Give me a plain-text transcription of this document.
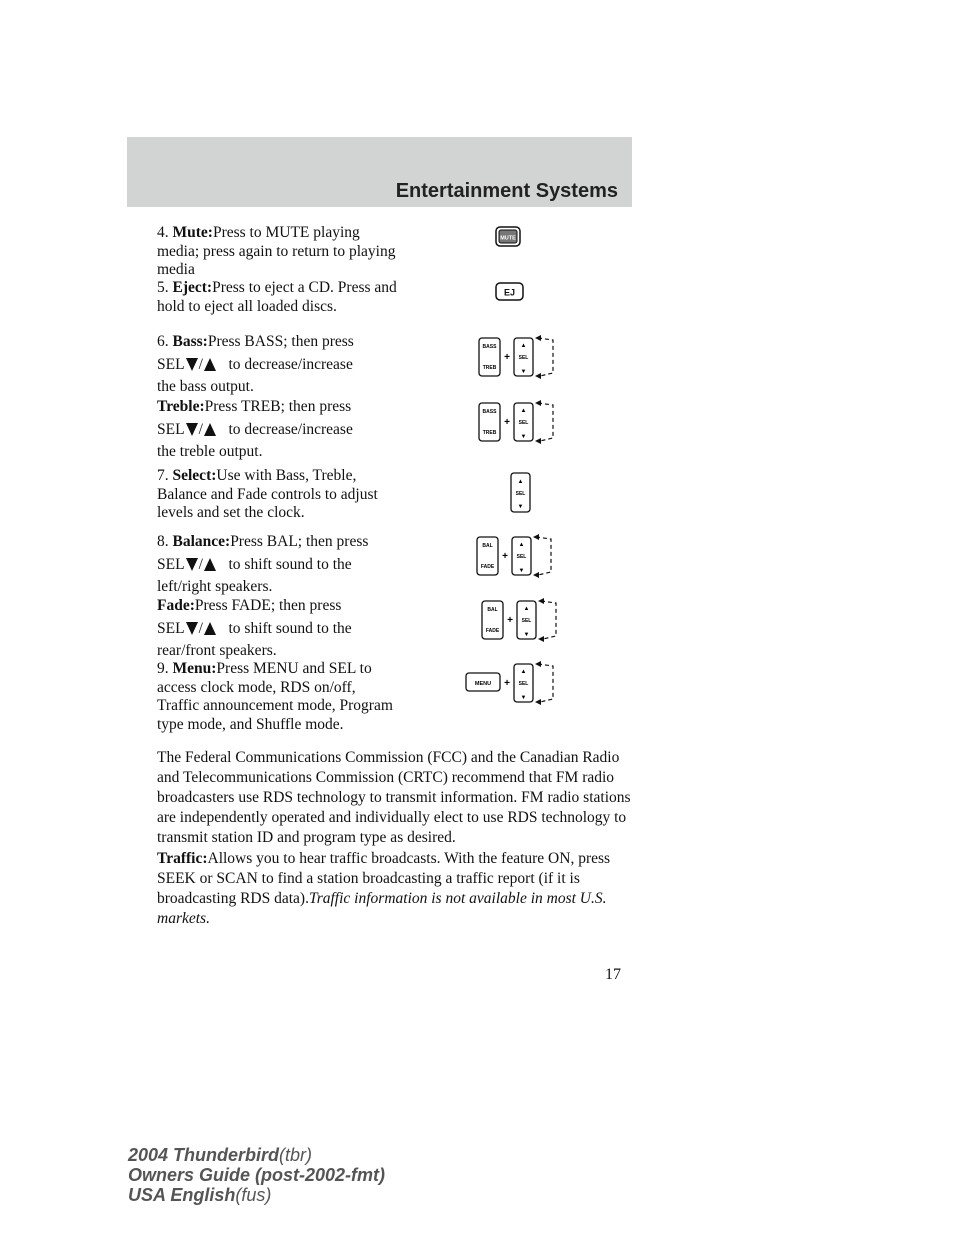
Entertainment Systems
4. Mute:Press to MUTE playing media; press again to return to playing media
MUTE
5. Eject:Press to eject a CD. Press and hold to eject all loaded discs.
EJ
6. Bass:Press BASS; then press
SEL / to decrease/increase
the bass output.
BASS
TREB
+
▲
SEL
▼
Treble:Press TREB; then press
SEL / to decrease/increase
the treble output.
BASS
TREB
+
▲
SEL
▼
7. Select:Use with Bass, Treble, Balance and Fade controls to adjust levels and set the clock.
▲
SEL
▼
8. Balance:Press BAL; then press
SEL / to shift sound to the
left/right speakers.
BAL
FADE
+
▲
SEL
▼
Fade:Press FADE; then press
SEL / to shift sound to the
rear/front speakers.
BAL
FADE
+
▲
SEL
▼
9. Menu:Press MENU and SEL to access clock mode, RDS on/off, Traffic announcement mode, Program type mode, and Shuffle mode.
MENU +
▲
SEL
▼
The Federal Communications Commission (FCC) and the Canadian Radio and Telecommunications Commission (CRTC) recommend that FM radio broadcasters use RDS technology to transmit information. FM radio stations are independently operated and individually elect to use RDS technology to transmit station ID and program type as desired.
Traffic:Allows you to hear traffic broadcasts. With the feature ON, press SEEK or SCAN to find a station broadcasting a traffic report (if it is broadcasting RDS data).Traffic information is not available in most U.S. markets.
17
2004 Thunderbird(tbr)
Owners Guide (post-2002-fmt)
USA English(fus)
